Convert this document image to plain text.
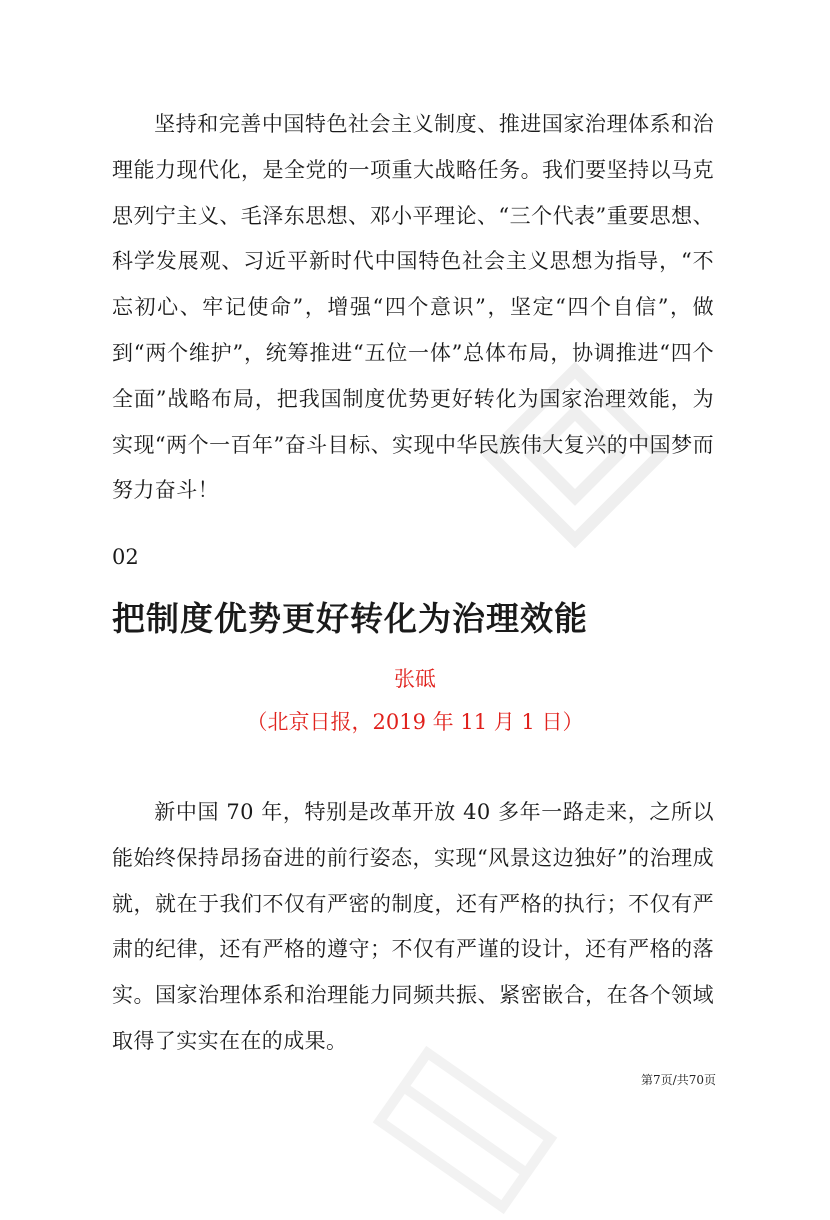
坚持和完善中国特色社会主义制度、推进国家治理体系和治理能力现代化，是全党的一项重大战略任务。我们要坚持以马克思列宁主义、毛泽东思想、邓小平理论、“三个代表”重要思想、科学发展观、习近平新时代中国特色社会主义思想为指导，“不忘初心、牢记使命”，增强“四个意识”，坚定“四个自信”，做到“两个维护”，统筹推进“五位一体”总体布局，协调推进“四个全面”战略布局，把我国制度优势更好转化为国家治理效能，为实现“两个一百年”奋斗目标、实现中华民族伟大复兴的中国梦而努力奋斗！

02

把制度优势更好转化为治理效能

张砥

（北京日报，2019 年 11 月 1 日）

新中国 70 年，特别是改革开放 40 多年一路走来，之所以能始终保持昂扬奋进的前行姿态，实现“风景这边独好”的治理成就，就在于我们不仅有严密的制度，还有严格的执行；不仅有严肃的纪律，还有严格的遵守；不仅有严谨的设计，还有严格的落实。国家治理体系和治理能力同频共振、紧密嵌合，在各个领域取得了实实在在的成果。

第7页/共70页
